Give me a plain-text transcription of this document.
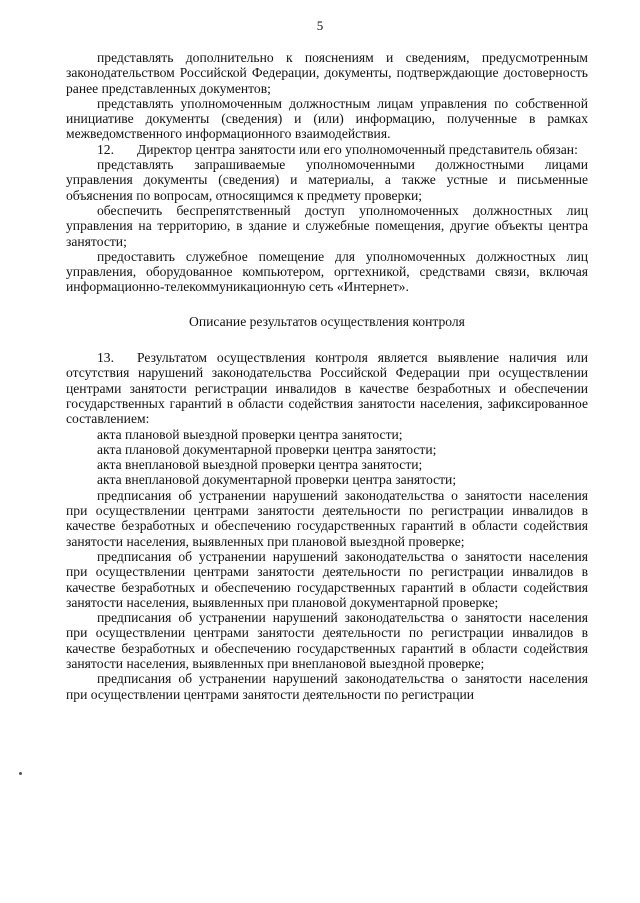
5

представлять дополнительно к пояснениям и сведениям, предусмотренным законодательством Российской Федерации, документы, подтверждающие достоверность ранее представленных документов;

представлять уполномоченным должностным лицам управления по собственной инициативе документы (сведения) и (или) информацию, полученные в рамках межведомственного информационного взаимодействия.

12. Директор центра занятости или его уполномоченный представитель обязан:

представлять запрашиваемые уполномоченными должностными лицами управления документы (сведения) и материалы, а также устные и письменные объяснения по вопросам, относящимся к предмету проверки;

обеспечить беспрепятственный доступ уполномоченных должностных лиц управления на территорию, в здание и служебные помещения, другие объекты центра занятости;

предоставить служебное помещение для уполномоченных должностных лиц управления, оборудованное компьютером, оргтехникой, средствами связи, включая информационно-телекоммуникационную сеть «Интернет».

Описание результатов осуществления контроля

13. Результатом осуществления контроля является выявление наличия или отсутствия нарушений законодательства Российской Федерации при осуществлении центрами занятости регистрации инвалидов в качестве безработных и обеспечении государственных гарантий в области содействия занятости населения, зафиксированное составлением:

акта плановой выездной проверки центра занятости;

акта плановой документарной проверки центра занятости;

акта внеплановой выездной проверки центра занятости;

акта внеплановой документарной проверки центра занятости;

предписания об устранении нарушений законодательства о занятости населения при осуществлении центрами занятости деятельности по регистрации инвалидов в качестве безработных и обеспечению государственных гарантий в области содействия занятости населения, выявленных при плановой выездной проверке;

предписания об устранении нарушений законодательства о занятости населения при осуществлении центрами занятости деятельности по регистрации инвалидов в качестве безработных и обеспечению государственных гарантий в области содействия занятости населения, выявленных при плановой документарной проверке;

предписания об устранении нарушений законодательства о занятости населения при осуществлении центрами занятости деятельности по регистрации инвалидов в качестве безработных и обеспечению государственных гарантий в области содействия занятости населения, выявленных при внеплановой выездной проверке;

предписания об устранении нарушений законодательства о занятости населения при осуществлении центрами занятости деятельности по регистрации
